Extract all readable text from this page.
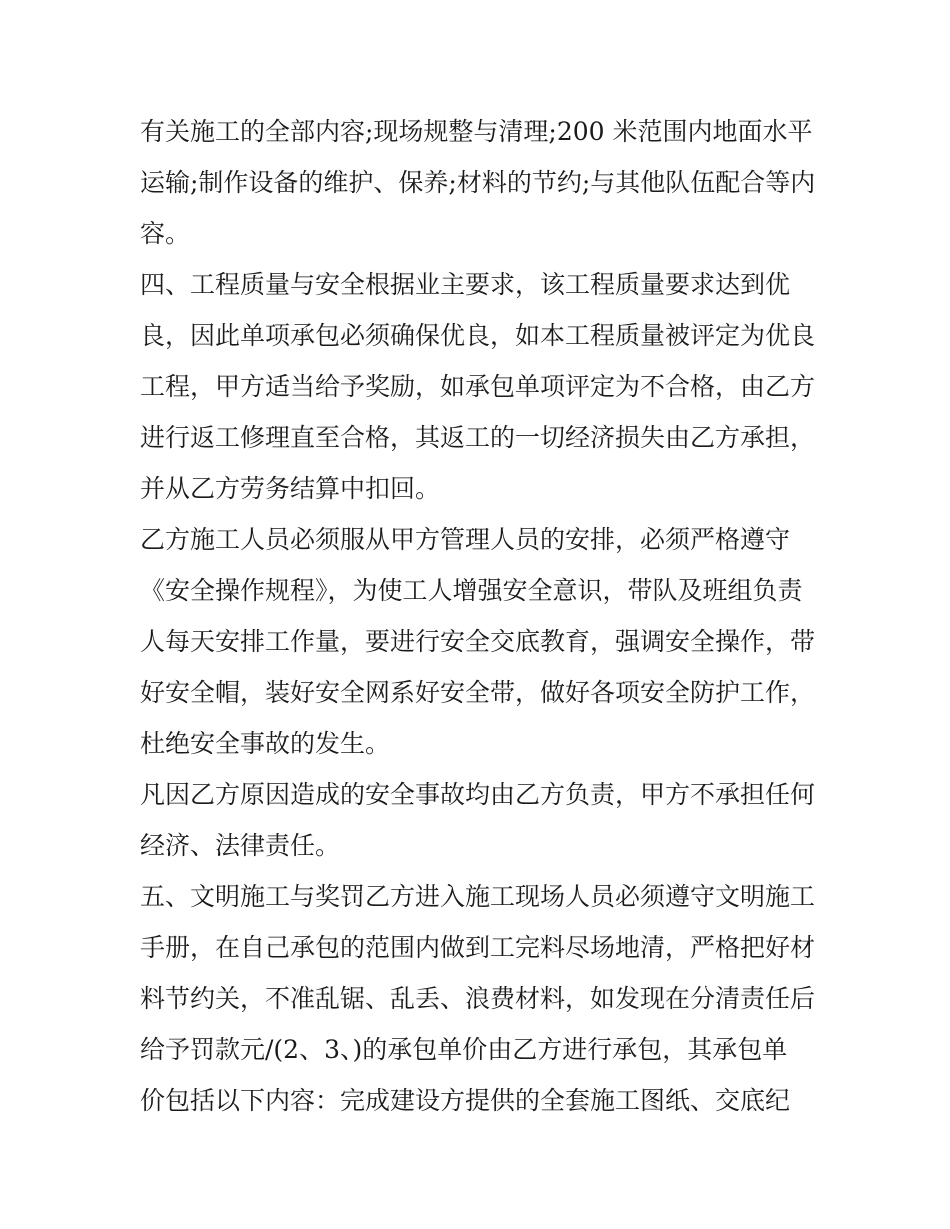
有关施工的全部内容;现场规整与清理;200 米范围内地面水平
运输;制作设备的维护、保养;材料的节约;与其他队伍配合等内
容。
四、工程质量与安全根据业主要求，该工程质量要求达到优
良，因此单项承包必须确保优良，如本工程质量被评定为优良
工程，甲方适当给予奖励，如承包单项评定为不合格，由乙方
进行返工修理直至合格，其返工的一切经济损失由乙方承担，
并从乙方劳务结算中扣回。
乙方施工人员必须服从甲方管理人员的安排，必须严格遵守
《安全操作规程》，为使工人增强安全意识，带队及班组负责
人每天安排工作量，要进行安全交底教育，强调安全操作，带
好安全帽，装好安全网系好安全带，做好各项安全防护工作，
杜绝安全事故的发生。
凡因乙方原因造成的安全事故均由乙方负责，甲方不承担任何
经济、法律责任。
五、文明施工与奖罚乙方进入施工现场人员必须遵守文明施工
手册，在自己承包的范围内做到工完料尽场地清，严格把好材
料节约关，不准乱锯、乱丢、浪费材料，如发现在分清责任后
给予罚款元/(2、3、)的承包单价由乙方进行承包，其承包单
价包括以下内容：完成建设方提供的全套施工图纸、交底纪
